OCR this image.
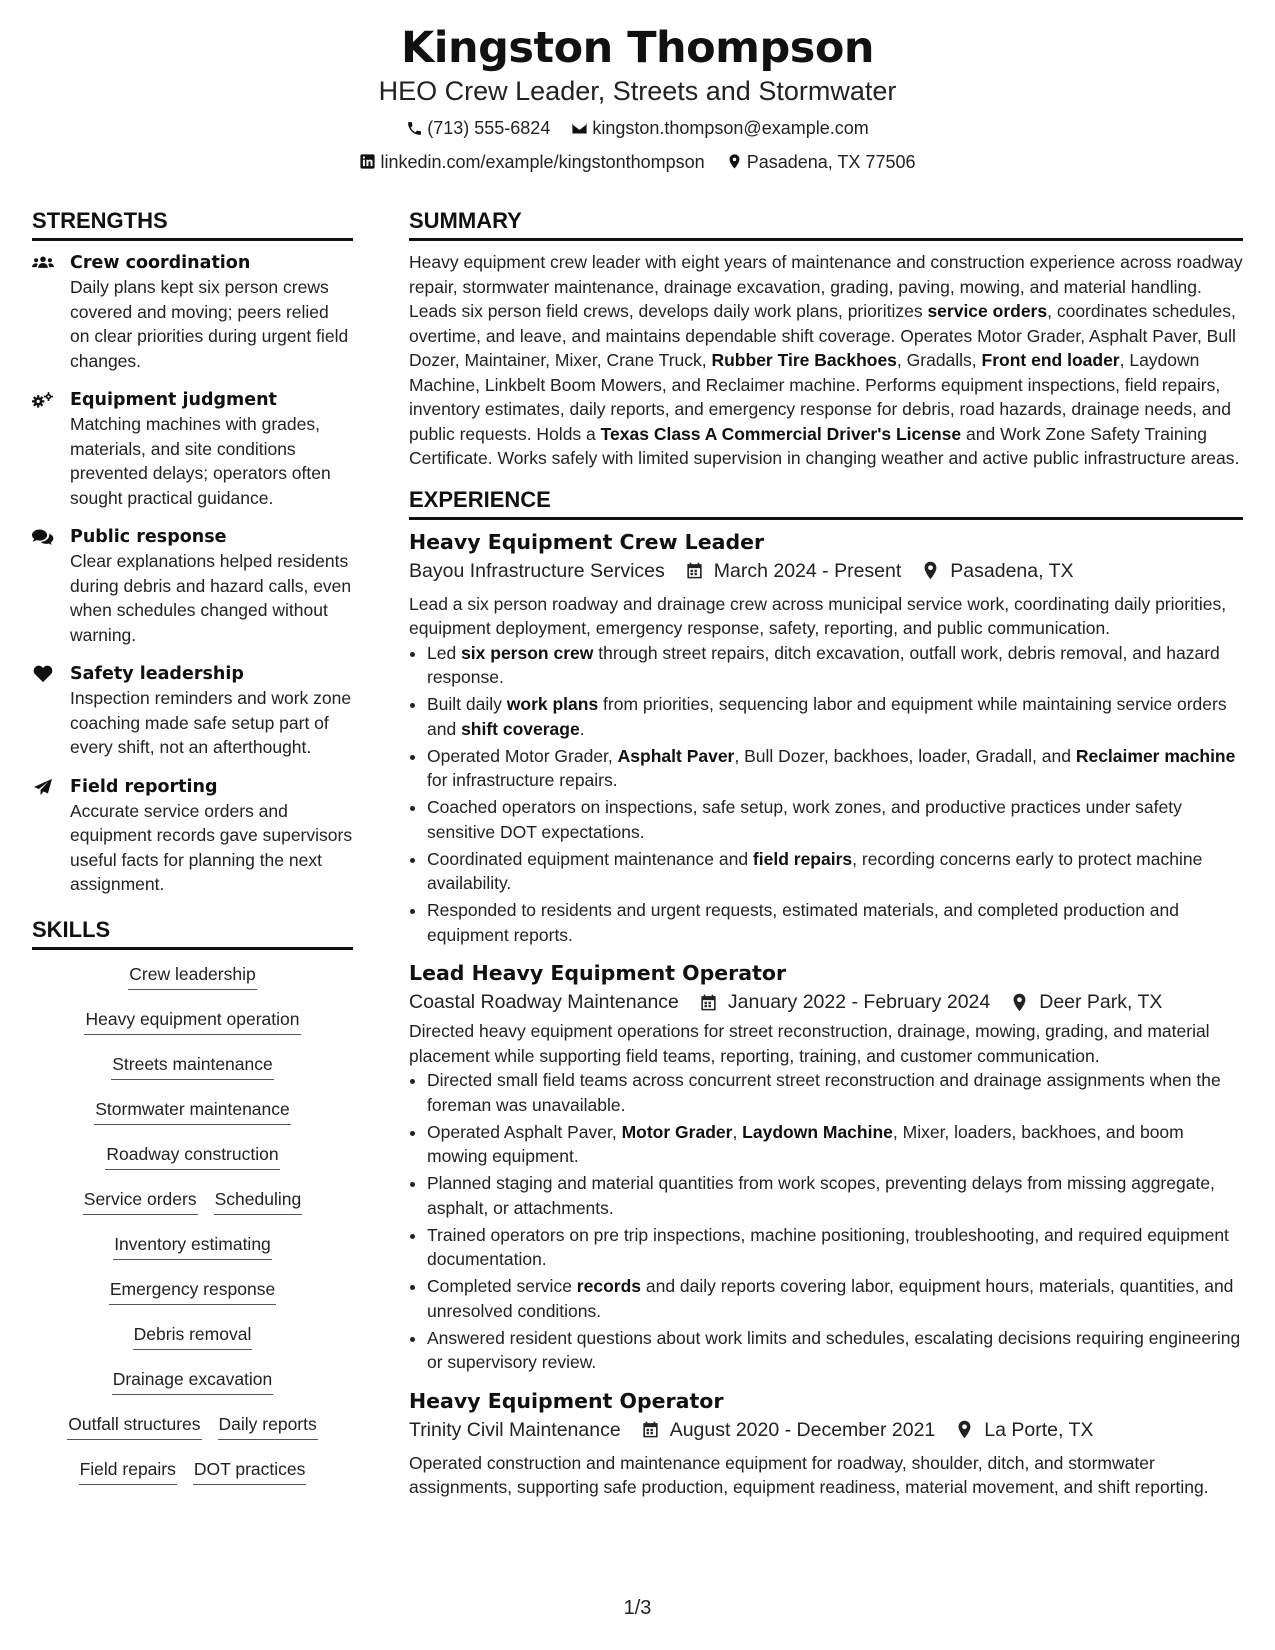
Kingston Thompson
HEO Crew Leader, Streets and Stormwater
(713) 555-6824
kingston.thompson@example.com
linkedin.com/example/kingstonthompson
Pasadena, TX 77506
STRENGTHS
Crew coordination
Daily plans kept six person crews covered and moving; peers relied on clear priorities during urgent field changes.
Equipment judgment
Matching machines with grades, materials, and site conditions prevented delays; operators often sought practical guidance.
Public response
Clear explanations helped residents during debris and hazard calls, even when schedules changed without warning.
Safety leadership
Inspection reminders and work zone coaching made safe setup part of every shift, not an afterthought.
Field reporting
Accurate service orders and equipment records gave supervisors useful facts for planning the next assignment.
SKILLS
Crew leadership
Heavy equipment operation
Streets maintenance
Stormwater maintenance
Roadway construction
Service orders Scheduling
Inventory estimating
Emergency response
Debris removal
Drainage excavation
Outfall structures Daily reports
Field repairs DOT practices
SUMMARY
Heavy equipment crew leader with eight years of maintenance and construction experience across roadway repair, stormwater maintenance, drainage excavation, grading, paving, mowing, and material handling. Leads six person field crews, develops daily work plans, prioritizes service orders, coordinates schedules, overtime, and leave, and maintains dependable shift coverage. Operates Motor Grader, Asphalt Paver, Bull Dozer, Maintainer, Mixer, Crane Truck, Rubber Tire Backhoes, Gradalls, Front end loader, Laydown Machine, Linkbelt Boom Mowers, and Reclaimer machine. Performs equipment inspections, field repairs, inventory estimates, daily reports, and emergency response for debris, road hazards, drainage needs, and public requests. Holds a Texas Class A Commercial Driver's License and Work Zone Safety Training Certificate. Works safely with limited supervision in changing weather and active public infrastructure areas.
EXPERIENCE
Heavy Equipment Crew Leader
Bayou Infrastructure Services	March 2024 - Present	Pasadena, TX
Lead a six person roadway and drainage crew across municipal service work, coordinating daily priorities, equipment deployment, emergency response, safety, reporting, and public communication.
• Led six person crew through street repairs, ditch excavation, outfall work, debris removal, and hazard response.
• Built daily work plans from priorities, sequencing labor and equipment while maintaining service orders and shift coverage.
• Operated Motor Grader, Asphalt Paver, Bull Dozer, backhoes, loader, Gradall, and Reclaimer machine for infrastructure repairs.
• Coached operators on inspections, safe setup, work zones, and productive practices under safety sensitive DOT expectations.
• Coordinated equipment maintenance and field repairs, recording concerns early to protect machine availability.
• Responded to residents and urgent requests, estimated materials, and completed production and equipment reports.
Lead Heavy Equipment Operator
Coastal Roadway Maintenance	January 2022 - February 2024	Deer Park, TX
Directed heavy equipment operations for street reconstruction, drainage, mowing, grading, and material placement while supporting field teams, reporting, training, and customer communication.
• Directed small field teams across concurrent street reconstruction and drainage assignments when the foreman was unavailable.
• Operated Asphalt Paver, Motor Grader, Laydown Machine, Mixer, loaders, backhoes, and boom mowing equipment.
• Planned staging and material quantities from work scopes, preventing delays from missing aggregate, asphalt, or attachments.
• Trained operators on pre trip inspections, machine positioning, troubleshooting, and required equipment documentation.
• Completed service records and daily reports covering labor, equipment hours, materials, quantities, and unresolved conditions.
• Answered resident questions about work limits and schedules, escalating decisions requiring engineering or supervisory review.
Heavy Equipment Operator
Trinity Civil Maintenance	August 2020 - December 2021	La Porte, TX
Operated construction and maintenance equipment for roadway, shoulder, ditch, and stormwater assignments, supporting safe production, equipment readiness, material movement, and shift reporting.
1/3
